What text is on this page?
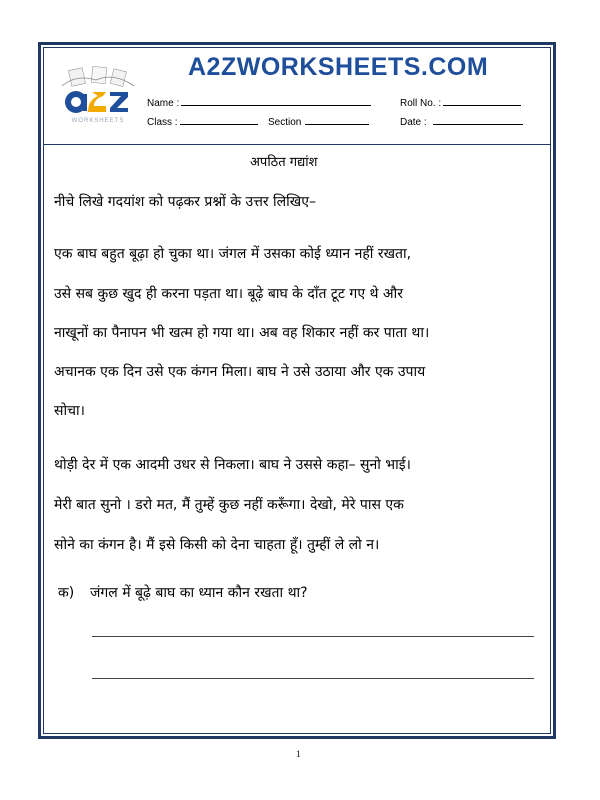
WORKSHEETS
A2ZWORKSHEETS.COM
Name :	Roll No. :
Class :	Section	Date :
अपठित गद्यांश
नीचे लिखे गदयांश को पढ़कर प्रश्नों के उत्तर लिखिए–
एक बाघ बहुत बूढ़ा हो चुका था। जंगल में उसका कोई ध्यान नहीं रखता,
उसे सब कुछ खुद ही करना पड़ता था। बूढ़े बाघ के दाँत टूट गए थे और
नाखूनों का पैनापन भी खत्म हो गया था। अब वह शिकार नहीं कर पाता था।
अचानक एक दिन उसे एक कंगन मिला। बाघ ने उसे उठाया और एक उपाय
सोचा।
थोड़ी देर में एक आदमी उधर से निकला। बाघ ने उससे कहा– सुनो भाई।
मेरी बात सुनो । डरो मत, मैं तुम्हें कुछ नहीं करूँगा। देखो, मेरे पास एक
सोने का कंगन है। मैं इसे किसी को देना चाहता हूँ। तुम्हीं ले लो न।
क) जंगल में बूढ़े बाघ का ध्यान कौन रखता था?
1
